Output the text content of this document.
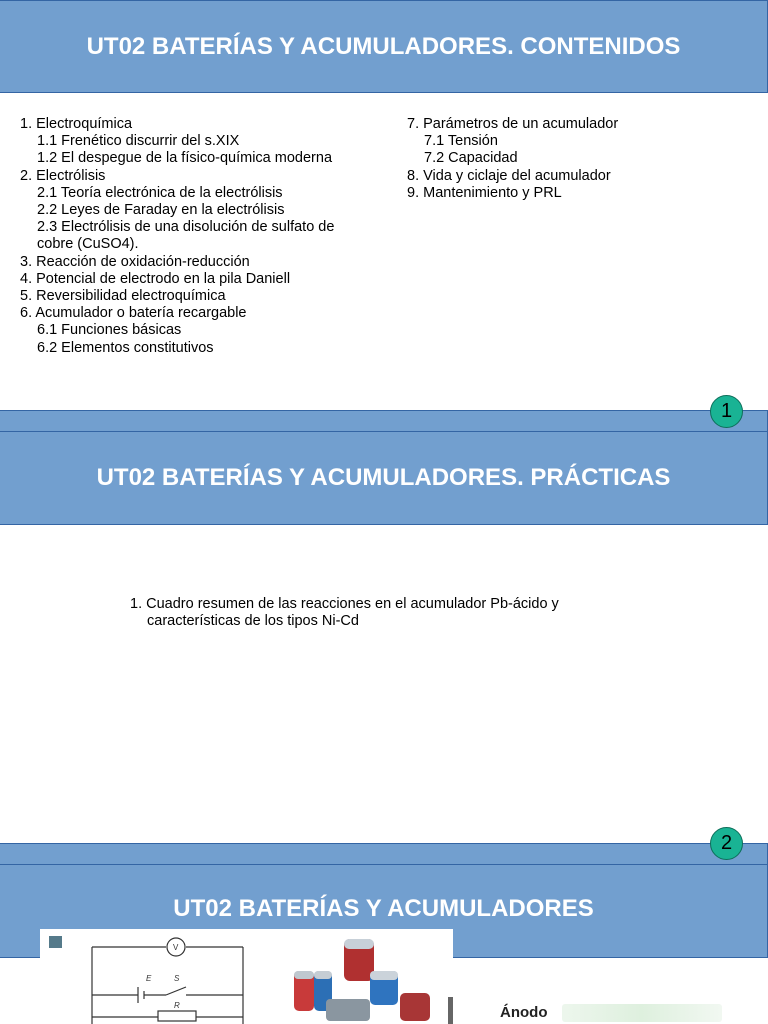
UT02 BATERÍAS Y ACUMULADORES. CONTENIDOS
1. Electroquímica
1.1 Frenético discurrir del s.XIX
1.2 El despegue de la físico-química moderna
2. Electrólisis
2.1 Teoría electrónica de la electrólisis
2.2 Leyes de Faraday en la electrólisis
2.3 Electrólisis de una disolución de sulfato de
cobre (CuSO4).
3. Reacción de oxidación-reducción
4. Potencial de electrodo en la pila Daniell
5. Reversibilidad electroquímica
6. Acumulador o batería recargable
6.1 Funciones básicas
6.2 Elementos constitutivos
7. Parámetros de un acumulador
7.1 Tensión
7.2 Capacidad
8. Vida y ciclaje del acumulador
9. Mantenimiento y PRL
1
UT02 BATERÍAS Y ACUMULADORES. PRÁCTICAS
1. Cuadro resumen de las reacciones en el acumulador Pb-ácido y
características de los tipos Ni-Cd
2
UT02 BATERÍAS Y ACUMULADORES
V
E	S
R	Ánodo
